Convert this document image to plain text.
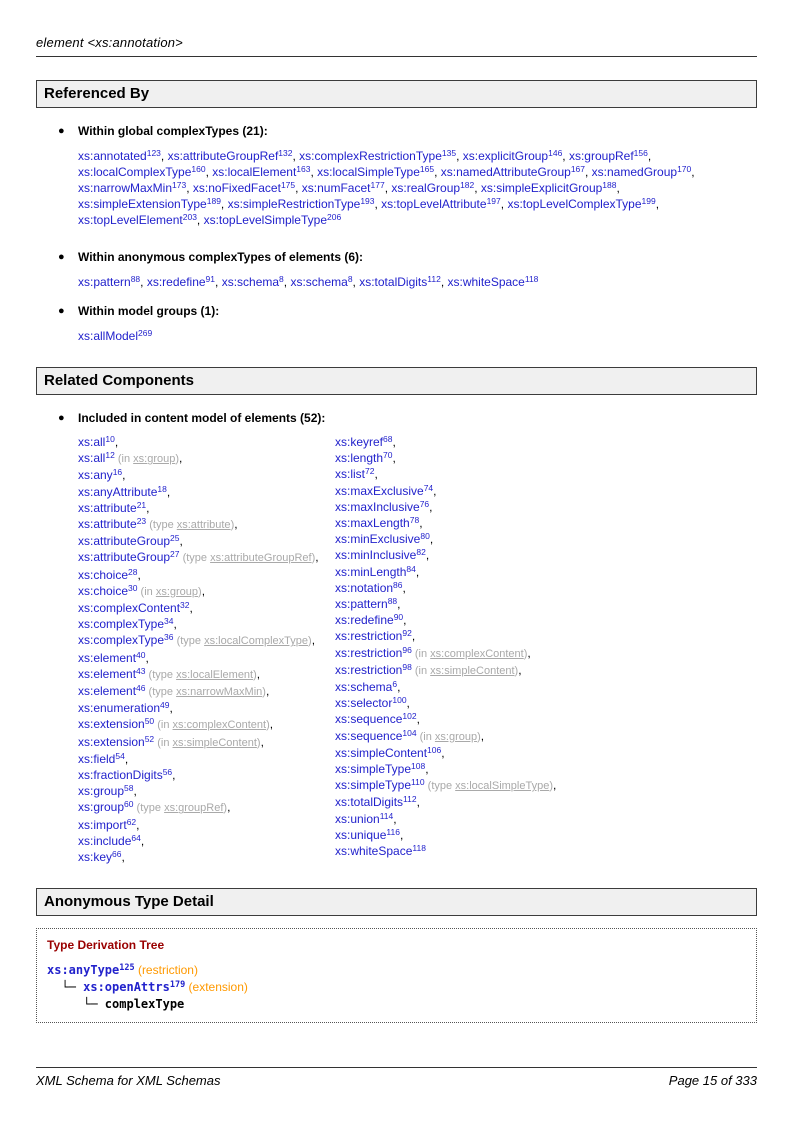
element <xs:annotation>
Referenced By
●	Within global complexTypes (21):
xs:annotated$^{123}$, xs:attributeGroupRef$^{132}$, xs:complexRestrictionType$^{135}$, xs:explicitGroup$^{146}$, xs:groupRef$^{156}$, xs:localComplexType$^{160}$, xs:localElement$^{163}$, xs:localSimpleType$^{165}$, xs:namedAttributeGroup$^{167}$, xs:namedGroup$^{170}$, xs:narrowMaxMin$^{173}$, xs:noFixedFacet$^{175}$, xs:numFacet$^{177}$, xs:realGroup$^{182}$, xs:simpleExplicitGroup$^{188}$, xs:simpleExtensionType$^{189}$, xs:simpleRestrictionType$^{193}$, xs:topLevelAttribute$^{197}$, xs:topLevelComplexType$^{199}$, xs:topLevelElement$^{203}$, xs:topLevelSimpleType$^{206}$
●	Within anonymous complexTypes of elements (6):
xs:pattern$^{88}$, xs:redefine$^{91}$, xs:schema$^8$, xs:schema$^8$, xs:totalDigits$^{112}$, xs:whiteSpace$^{118}$
●	Within model groups (1):
xs:allModel$^{269}$
Related Components
●	Included in content model of elements (52):
xs:all$^{10}$,
xs:all$^{12}$ (in xs:group),
xs:any$^{16}$,
xs:anyAttribute$^{18}$,
xs:attribute$^{21}$,
xs:attribute$^{23}$ (type xs:attribute),
xs:attributeGroup$^{25}$,
xs:attributeGroup$^{27}$ (type xs:attributeGroupRef),
xs:choice$^{28}$,
xs:choice$^{30}$ (in xs:group),
xs:complexContent$^{32}$,
xs:complexType$^{34}$,
xs:complexType$^{36}$ (type xs:localComplexType),
xs:element$^{40}$,
xs:element$^{43}$ (type xs:localElement),
xs:element$^{46}$ (type xs:narrowMaxMin),
xs:enumeration$^{49}$,
xs:extension$^{50}$ (in xs:complexContent),
xs:extension$^{52}$ (in xs:simpleContent),
xs:field$^{54}$,
xs:fractionDigits$^{56}$,
xs:group$^{58}$,
xs:group$^{60}$ (type xs:groupRef),
xs:import$^{62}$,
xs:include$^{64}$,
xs:key$^{66}$,
xs:keyref$^{68}$,
xs:length$^{70}$,
xs:list$^{72}$,
xs:maxExclusive$^{74}$,
xs:maxInclusive$^{76}$,
xs:maxLength$^{78}$,
xs:minExclusive$^{80}$,
xs:minInclusive$^{82}$,
xs:minLength$^{84}$,
xs:notation$^{86}$,
xs:pattern$^{88}$,
xs:redefine$^{90}$,
xs:restriction$^{92}$,
xs:restriction$^{96}$ (in xs:complexContent),
xs:restriction$^{98}$ (in xs:simpleContent),
xs:schema$^6$,
xs:selector$^{100}$,
xs:sequence$^{102}$,
xs:sequence$^{104}$ (in xs:group),
xs:simpleContent$^{106}$,
xs:simpleType$^{108}$,
xs:simpleType$^{110}$ (type xs:localSimpleType),
xs:totalDigits$^{112}$,
xs:union$^{114}$,
xs:unique$^{116}$,
xs:whiteSpace$^{118}$
Anonymous Type Detail
Type Derivation Tree
xs:anyType$^{125}$ (restriction)
└─ xs:openAttrs$^{179}$ (extension)
└─ complexType
XML Schema for XML Schemas	Page 15 of 333
